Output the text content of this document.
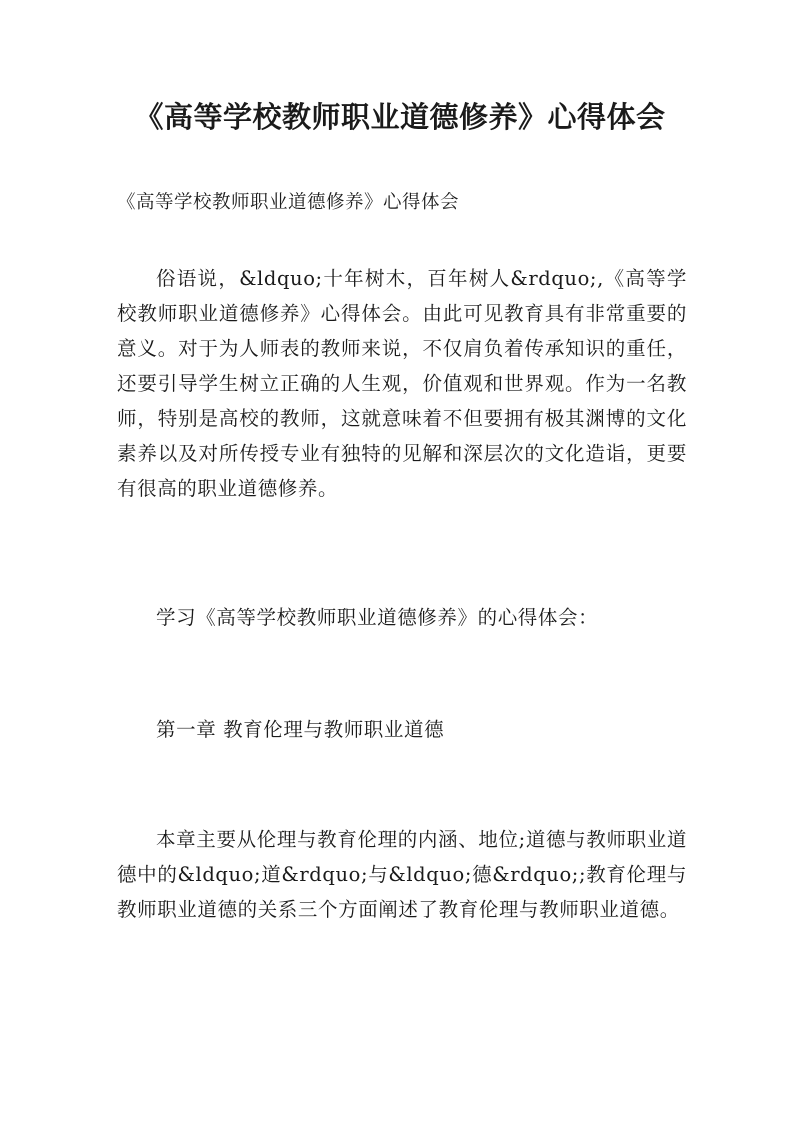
《高等学校教师职业道德修养》心得体会

《高等学校教师职业道德修养》心得体会

俗语说，&ldquo;十年树木，百年树人&rdquo;,《高等学校教师职业道德修养》心得体会。由此可见教育具有非常重要的意义。对于为人师表的教师来说，不仅肩负着传承知识的重任，还要引导学生树立正确的人生观，价值观和世界观。作为一名教师，特别是高校的教师，这就意味着不但要拥有极其渊博的文化素养以及对所传授专业有独特的见解和深层次的文化造诣，更要有很高的职业道德修养。

学习《高等学校教师职业道德修养》的心得体会：

第一章 教育伦理与教师职业道德

本章主要从伦理与教育伦理的内涵、地位;道德与教师职业道德中的&ldquo;道&rdquo;与&ldquo;德&rdquo;;教育伦理与教师职业道德的关系三个方面阐述了教育伦理与教师职业道德。
